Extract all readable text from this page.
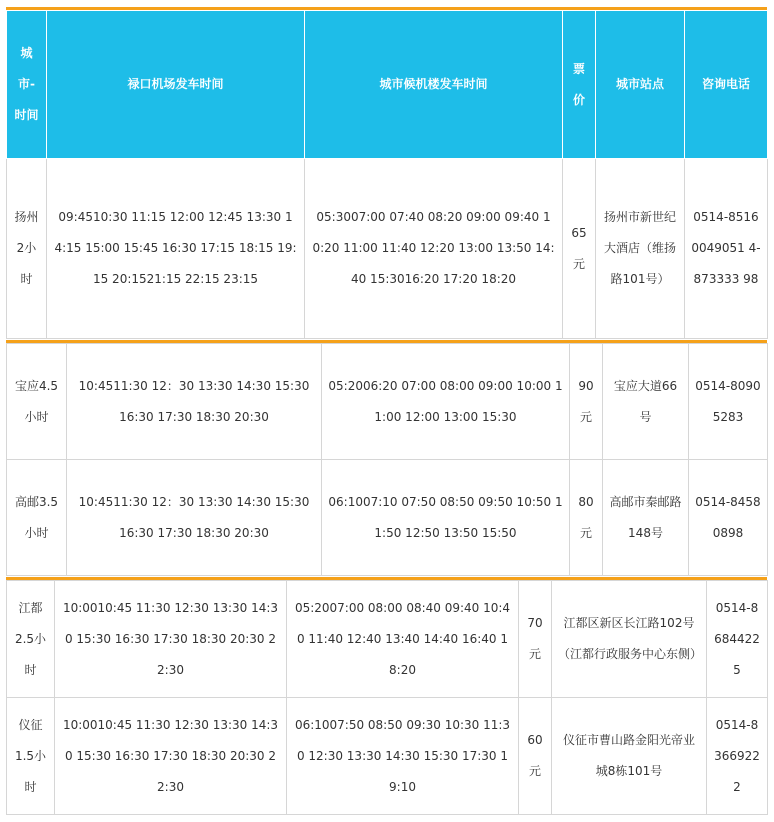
城市-时间	禄口机场发车时间	城市候机楼发车时间	票价	城市站点	咨询电话
扬州2小时	09:4510:30 11:15 12:00 12:45 13:30 14:15 15:00 15:45 16:30 17:15 18:15 19:15 20:1521:15 22:15 23:15	05:3007:00 07:40 08:20 09:00 09:40 10:20 11:00 11:40 12:20 13:00 13:50 14:40 15:3016:20 17:20 18:20	65元	扬州市新世纪大酒店（维扬路101号）	0514-85160049051 4-873333 98
宝应4.5小时	10:4511:30 12：30 13:30 14:30 15:30 16:30 17:30 18:30 20:30	05:2006:20 07:00 08:00 09:00 10:00 11:00 12:00 13:00 15:30	90元	宝应大道66号	0514-80905283
高邮3.5小时	10:4511:30 12：30 13:30 14:30 15:30 16:30 17:30 18:30 20:30	06:1007:10 07:50 08:50 09:50 10:50 11:50 12:50 13:50 15:50	80元	高邮市秦邮路148号	0514-84580898
江都2.5小时	10:0010:45 11:30 12:30 13:30 14:30 15:30 16:30 17:30 18:30 20:30 22:30	05:2007:00 08:00 08:40 09:40 10:40 11:40 12:40 13:40 14:40 16:40 18:20	70元	江都区新区长江路102号（江都行政服务中心东侧）	0514-86844225
仪征1.5小时	10:0010:45 11:30 12:30 13:30 14:30 15:30 16:30 17:30 18:30 20:30 22:30	06:1007:50 08:50 09:30 10:30 11:30 12:30 13:30 14:30 15:30 17:30 19:10	60元	仪征市曹山路金阳光帝业城8栋101号	0514-83669222
